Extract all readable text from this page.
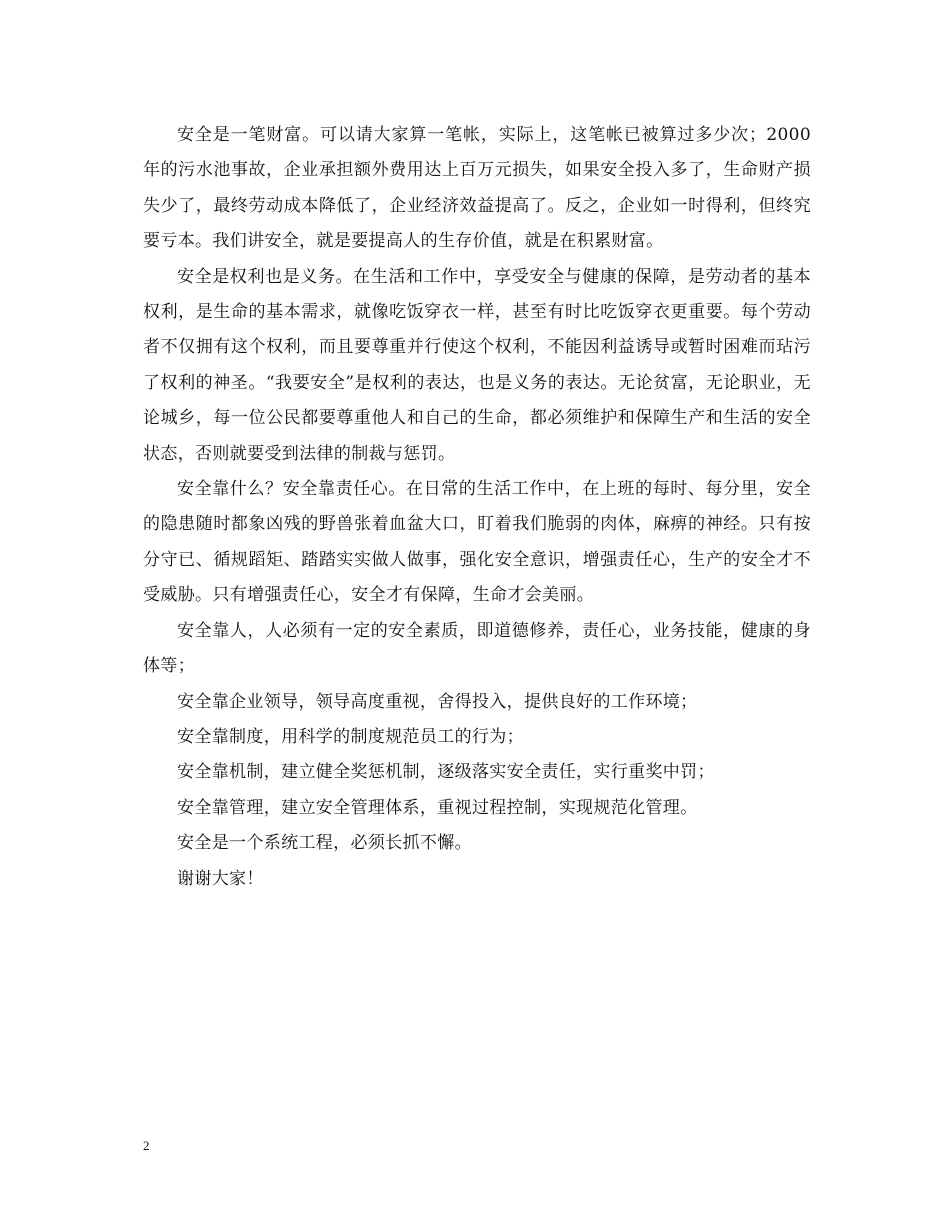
安全是一笔财富。可以请大家算一笔帐，实际上，这笔帐已被算过多少次；2000年的污水池事故，企业承担额外费用达上百万元损失，如果安全投入多了，生命财产损失少了，最终劳动成本降低了，企业经济效益提高了。反之，企业如一时得利，但终究要亏本。我们讲安全，就是要提高人的生存价值，就是在积累财富。

安全是权利也是义务。在生活和工作中，享受安全与健康的保障，是劳动者的基本权利，是生命的基本需求，就像吃饭穿衣一样，甚至有时比吃饭穿衣更重要。每个劳动者不仅拥有这个权利，而且要尊重并行使这个权利，不能因利益诱导或暂时困难而玷污了权利的神圣。“我要安全”是权利的表达，也是义务的表达。无论贫富，无论职业，无论城乡，每一位公民都要尊重他人和自己的生命，都必须维护和保障生产和生活的安全状态，否则就要受到法律的制裁与惩罚。

安全靠什么？安全靠责任心。在日常的生活工作中，在上班的每时、每分里，安全的隐患随时都象凶残的野兽张着血盆大口，盯着我们脆弱的肉体，麻痹的神经。只有按分守已、循规蹈矩、踏踏实实做人做事，强化安全意识，增强责任心，生产的安全才不受威胁。只有增强责任心，安全才有保障，生命才会美丽。

安全靠人，人必须有一定的安全素质，即道德修养，责任心，业务技能，健康的身体等；

安全靠企业领导，领导高度重视，舍得投入，提供良好的工作环境；

安全靠制度，用科学的制度规范员工的行为；

安全靠机制，建立健全奖惩机制，逐级落实安全责任，实行重奖中罚；

安全靠管理，建立安全管理体系，重视过程控制，实现规范化管理。

安全是一个系统工程，必须长抓不懈。

谢谢大家！

2
